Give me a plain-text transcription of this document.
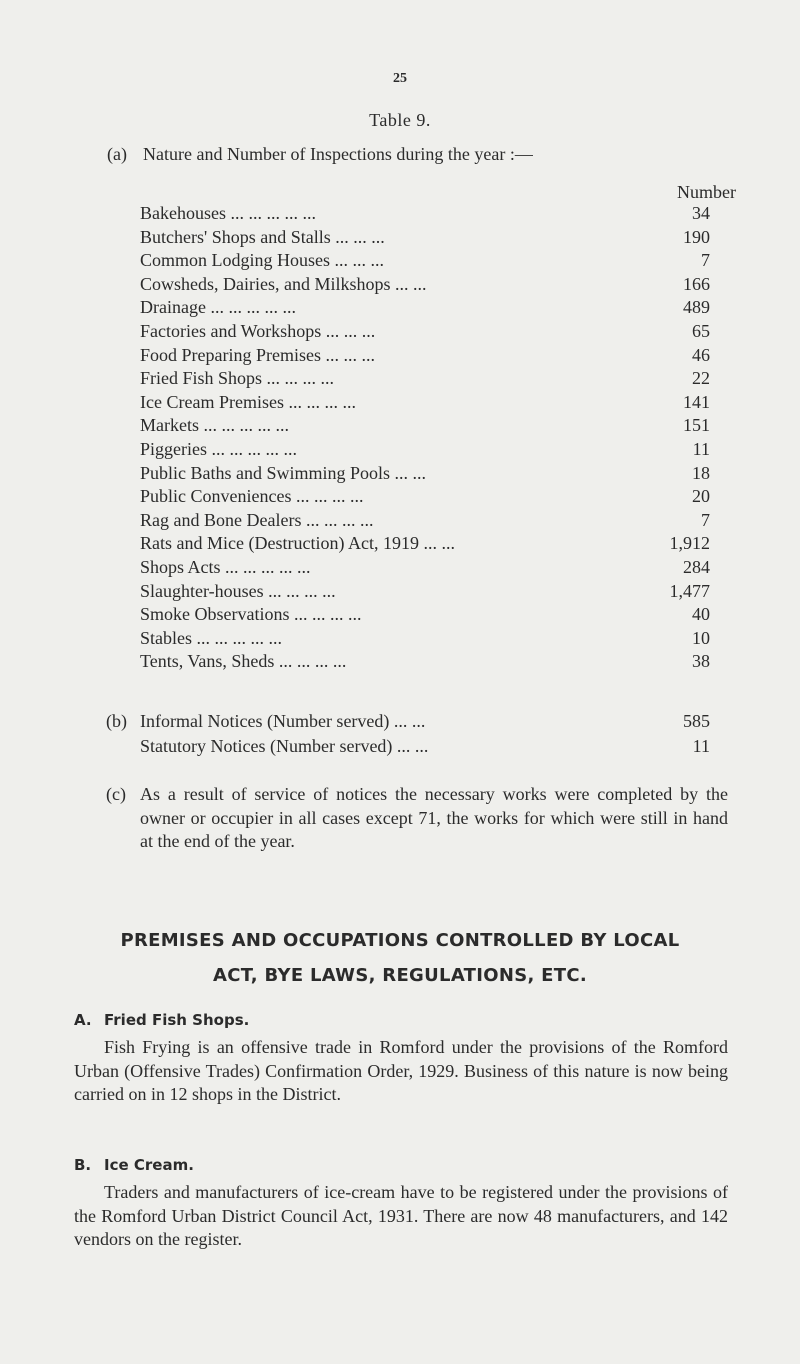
25
Table 9.
(a) Nature and Number of Inspections during the year :—
Number
Bakehouses ... ... ... ... ...	34
Butchers' Shops and Stalls ... ... ...	190
Common Lodging Houses ... ... ...	7
Cowsheds, Dairies, and Milkshops ... ...	166
Drainage ... ... ... ... ...	489
Factories and Workshops ... ... ...	65
Food Preparing Premises ... ... ...	46
Fried Fish Shops ... ... ... ...	22
Ice Cream Premises ... ... ... ...	141
Markets ... ... ... ... ...	151
Piggeries ... ... ... ... ...	11
Public Baths and Swimming Pools ... ...	18
Public Conveniences ... ... ... ...	20
Rag and Bone Dealers ... ... ... ...	7
Rats and Mice (Destruction) Act, 1919 ... ...	1,912
Shops Acts ... ... ... ... ...	284
Slaughter-houses ... ... ... ...	1,477
Smoke Observations ... ... ... ...	40
Stables ... ... ... ... ...	10
Tents, Vans, Sheds ... ... ... ...	38
(b) Informal Notices (Number served) ... ...	585
Statutory Notices (Number served) ... ...	11
(c) As a result of service of notices the necessary works were completed by the owner or occupier in all cases except 71, the works for which were still in hand at the end of the year.
PREMISES AND OCCUPATIONS CONTROLLED BY LOCAL
ACT, BYE LAWS, REGULATIONS, ETC.
A. Fried Fish Shops.
Fish Frying is an offensive trade in Romford under the provisions of the Romford Urban (Offensive Trades) Confirmation Order, 1929. Business of this nature is now being carried on in 12 shops in the District.
B. Ice Cream.
Traders and manufacturers of ice-cream have to be registered under the provisions of the Romford Urban District Council Act, 1931. There are now 48 manufacturers, and 142 vendors on the register.
